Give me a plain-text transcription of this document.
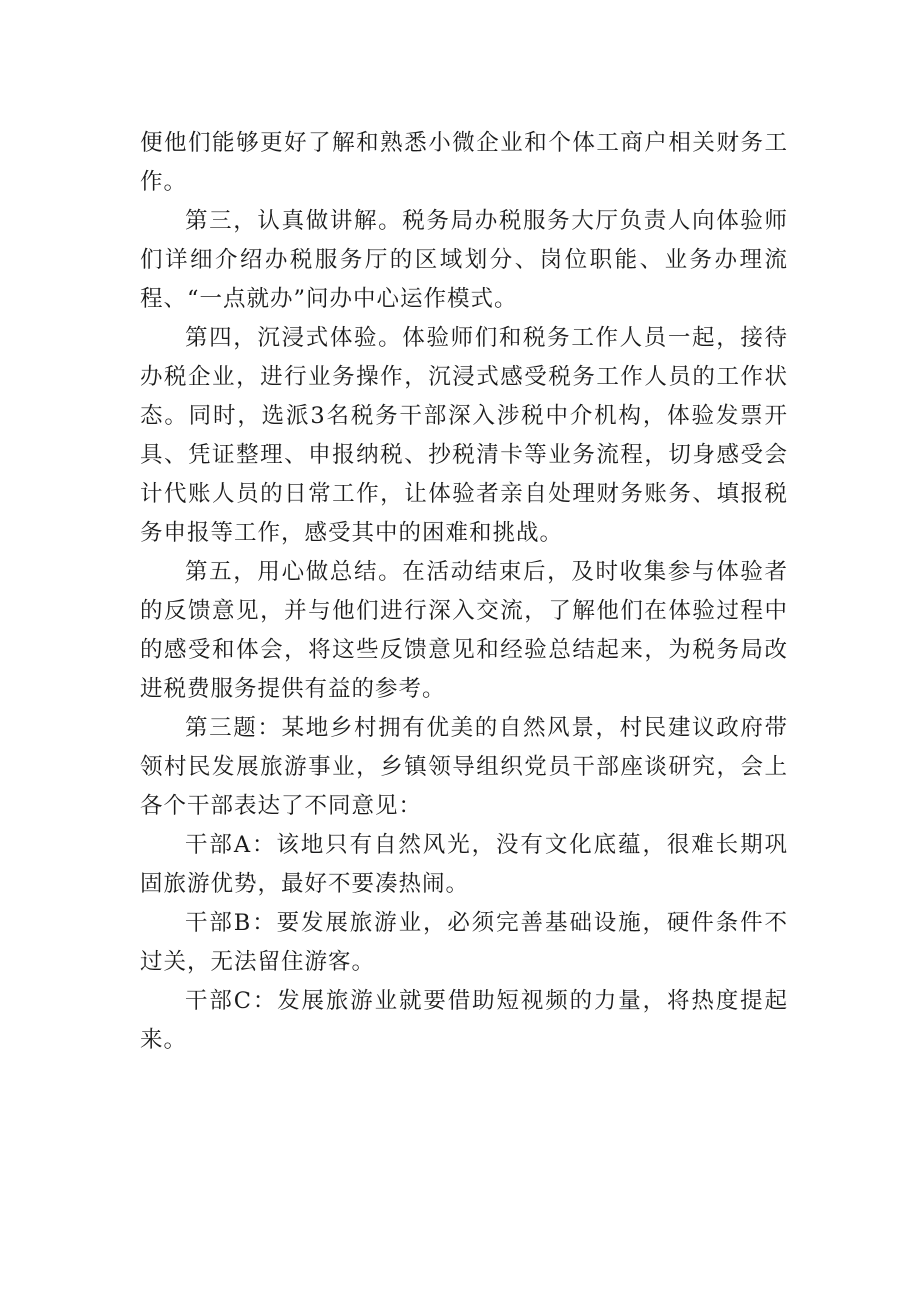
便他们能够更好了解和熟悉小微企业和个体工商户相关财务工作。

第三，认真做讲解。税务局办税服务大厅负责人向体验师们详细介绍办税服务厅的区域划分、岗位职能、业务办理流程、“一点就办”问办中心运作模式。

第四，沉浸式体验。体验师们和税务工作人员一起，接待办税企业，进行业务操作，沉浸式感受税务工作人员的工作状态。同时，选派3名税务干部深入涉税中介机构，体验发票开具、凭证整理、申报纳税、抄税清卡等业务流程，切身感受会计代账人员的日常工作，让体验者亲自处理财务账务、填报税务申报等工作，感受其中的困难和挑战。

第五，用心做总结。在活动结束后，及时收集参与体验者的反馈意见，并与他们进行深入交流，了解他们在体验过程中的感受和体会，将这些反馈意见和经验总结起来，为税务局改进税费服务提供有益的参考。

第三题：某地乡村拥有优美的自然风景，村民建议政府带领村民发展旅游事业，乡镇领导组织党员干部座谈研究，会上各个干部表达了不同意见：

干部A：该地只有自然风光，没有文化底蕴，很难长期巩固旅游优势，最好不要凑热闹。

干部B：要发展旅游业，必须完善基础设施，硬件条件不过关，无法留住游客。

干部C：发展旅游业就要借助短视频的力量，将热度提起来。
